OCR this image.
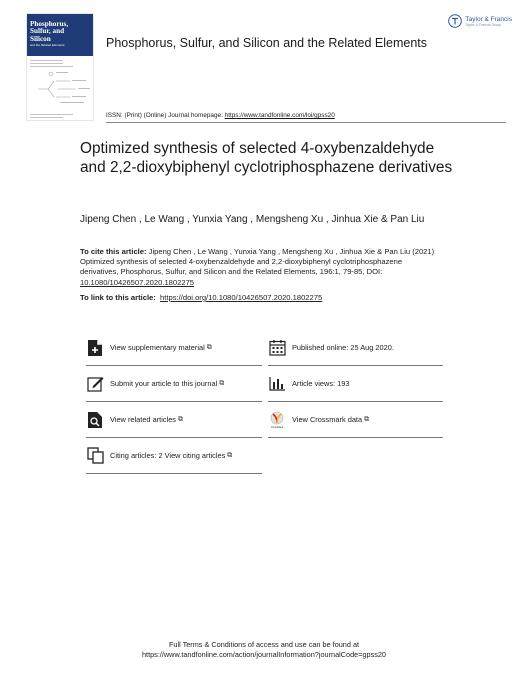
Phosphorus,
Sulfur, and
Silicon
and the Related Elements
Taylor & Francis
Taylor & Francis Group
Phosphorus, Sulfur, and Silicon and the Related Elements
ISSN: (Print) (Online) Journal homepage: https://www.tandfonline.com/loi/gpss20
Optimized synthesis of selected 4-oxybenzaldehyde and 2,2-dioxybiphenyl cyclotriphosphazene derivatives
Jipeng Chen , Le Wang , Yunxia Yang , Mengsheng Xu , Jinhua Xie & Pan Liu
To cite this article: Jipeng Chen , Le Wang , Yunxia Yang , Mengsheng Xu , Jinhua Xie & Pan Liu (2021) Optimized synthesis of selected 4-oxybenzaldehyde and 2,2-dioxybiphenyl cyclotriphosphazene derivatives, Phosphorus, Sulfur, and Silicon and the Related Elements, 196:1, 79-85, DOI: 10.1080/10426507.2020.1802275
To link to this article: https://doi.org/10.1080/10426507.2020.1802275
View supplementary material ⧉	Published online: 25 Aug 2020.
Submit your article to this journal ⧉	Article views: 193
View related articles ⧉
CrossMark
View Crossmark data ⧉
Citing articles: 2 View citing articles ⧉
Full Terms & Conditions of access and use can be found at
https://www.tandfonline.com/action/journalInformation?journalCode=gpss20
